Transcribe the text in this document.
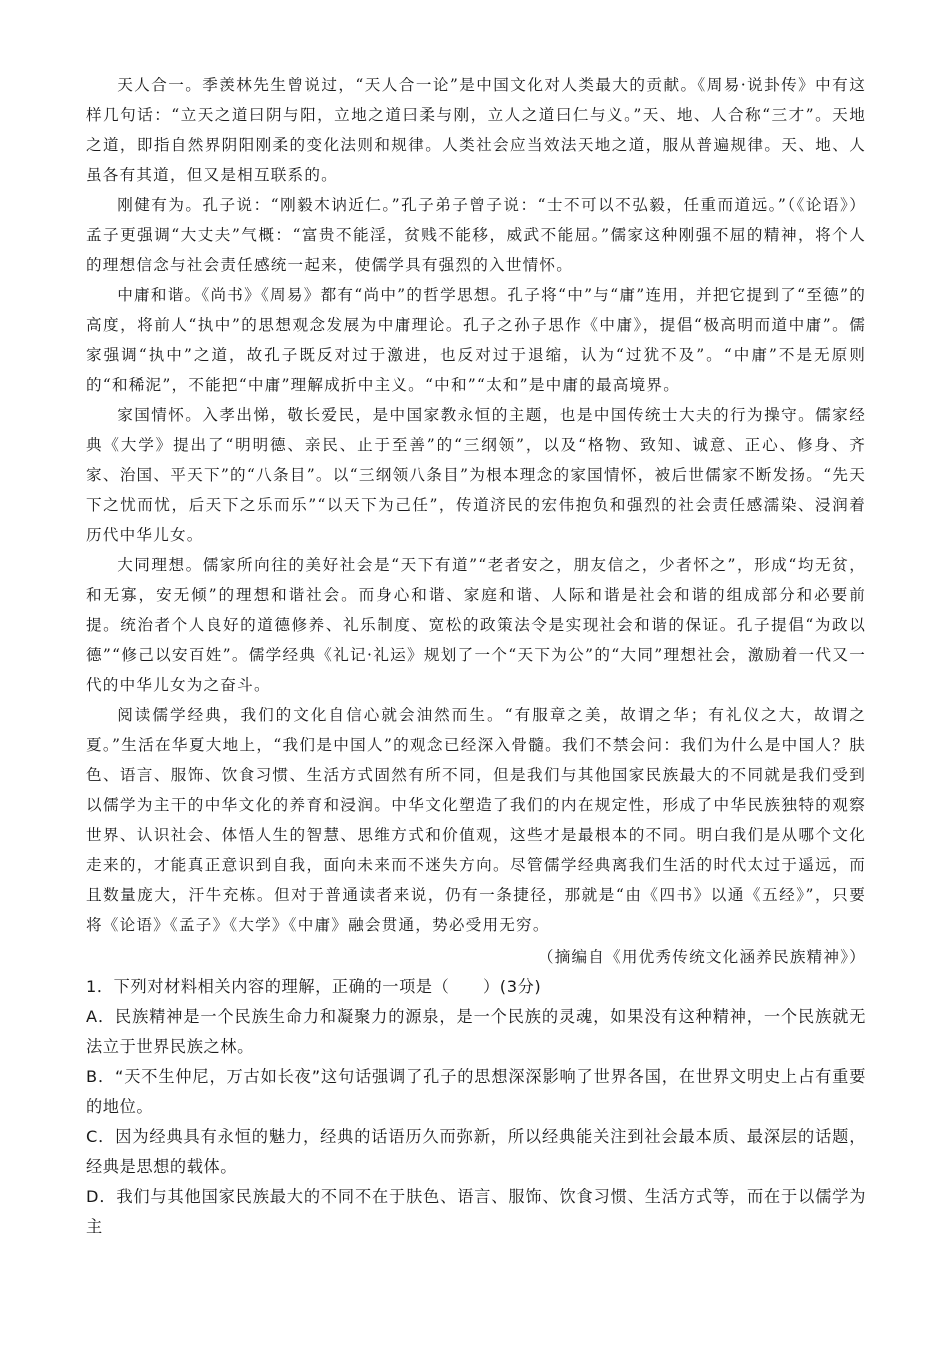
天人合一。季羡林先生曾说过，“天人合一论”是中国文化对人类最大的贡献。《周易·说卦传》中有这样几句话：“立天之道曰阴与阳，立地之道曰柔与刚，立人之道曰仁与义。”天、地、人合称“三才”。天地之道，即指自然界阴阳刚柔的变化法则和规律。人类社会应当效法天地之道，服从普遍规律。天、地、人虽各有其道，但又是相互联系的。

刚健有为。孔子说：“刚毅木讷近仁。”孔子弟子曾子说：“士不可以不弘毅，任重而道远。”（《论语》）孟子更强调“大丈夫”气概：“富贵不能淫，贫贱不能移，威武不能屈。”儒家这种刚强不屈的精神，将个人的理想信念与社会责任感统一起来，使儒学具有强烈的入世情怀。

中庸和谐。《尚书》《周易》都有“尚中”的哲学思想。孔子将“中”与“庸”连用，并把它提到了“至德”的高度，将前人“执中”的思想观念发展为中庸理论。孔子之孙子思作《中庸》，提倡“极高明而道中庸”。儒家强调“执中”之道，故孔子既反对过于激进，也反对过于退缩，认为“过犹不及”。“中庸”不是无原则的“和稀泥”，不能把“中庸”理解成折中主义。“中和”“太和”是中庸的最高境界。

家国情怀。入孝出悌，敬长爱民，是中国家教永恒的主题，也是中国传统士大夫的行为操守。儒家经典《大学》提出了“明明德、亲民、止于至善”的“三纲领”，以及“格物、致知、诚意、正心、修身、齐家、治国、平天下”的“八条目”。以“三纲领八条目”为根本理念的家国情怀，被后世儒家不断发扬。“先天下之忧而忧，后天下之乐而乐”“以天下为己任”，传道济民的宏伟抱负和强烈的社会责任感濡染、浸润着历代中华儿女。

大同理想。儒家所向往的美好社会是“天下有道”“老者安之，朋友信之，少者怀之”，形成“均无贫，和无寡，安无倾”的理想和谐社会。而身心和谐、家庭和谐、人际和谐是社会和谐的组成部分和必要前提。统治者个人良好的道德修养、礼乐制度、宽松的政策法令是实现社会和谐的保证。孔子提倡“为政以德”“修己以安百姓”。儒学经典《礼记·礼运》规划了一个“天下为公”的“大同”理想社会，激励着一代又一代的中华儿女为之奋斗。

阅读儒学经典，我们的文化自信心就会油然而生。“有服章之美，故谓之华；有礼仪之大，故谓之夏。”生活在华夏大地上，“我们是中国人”的观念已经深入骨髓。我们不禁会问：我们为什么是中国人？肤色、语言、服饰、饮食习惯、生活方式固然有所不同，但是我们与其他国家民族最大的不同就是我们受到以儒学为主干的中华文化的养育和浸润。中华文化塑造了我们的内在规定性，形成了中华民族独特的观察世界、认识社会、体悟人生的智慧、思维方式和价值观，这些才是最根本的不同。明白我们是从哪个文化走来的，才能真正意识到自我，面向未来而不迷失方向。尽管儒学经典离我们生活的时代太过于遥远，而且数量庞大，汗牛充栋。但对于普通读者来说，仍有一条捷径，那就是“由《四书》以通《五经》”，只要将《论语》《孟子》《大学》《中庸》融会贯通，势必受用无穷。

（摘编自《用优秀传统文化涵养民族精神》）

1．下列对材料相关内容的理解，正确的一项是（　　）(3分)

A．民族精神是一个民族生命力和凝聚力的源泉，是一个民族的灵魂，如果没有这种精神，一个民族就无法立于世界民族之林。

B．“天不生仲尼，万古如长夜”这句话强调了孔子的思想深深影响了世界各国，在世界文明史上占有重要的地位。

C．因为经典具有永恒的魅力，经典的话语历久而弥新，所以经典能关注到社会最本质、最深层的话题，经典是思想的载体。

D．我们与其他国家民族最大的不同不在于肤色、语言、服饰、饮食习惯、生活方式等，而在于以儒学为主
